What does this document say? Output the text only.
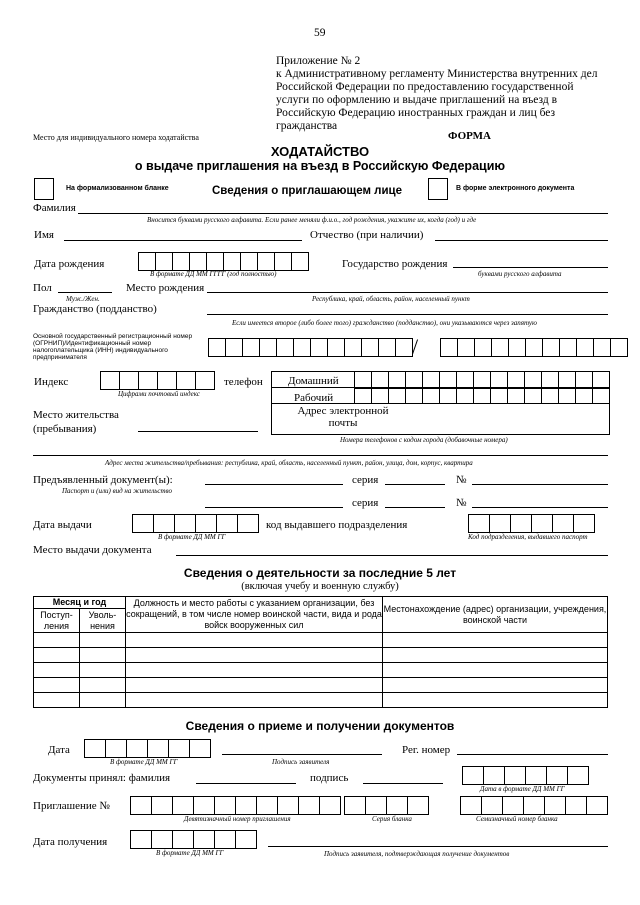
59
Приложение № 2
к Административному регламенту Министерства внутренних дел
Российской Федерации по предоставлению государственной
услуги по оформлению и выдаче приглашений на въезд в
Российскую Федерацию иностранных граждан и лиц без
гражданства
Место для индивидуального номера ходатайства	ФОРМА
ХОДАТАЙСТВО
о выдаче приглашения на въезд в Российскую Федерацию
На формализованном бланке	Сведения о приглашающем лице	В форме электронного документа
Фамилия
Вносится буквами русского алфавита. Если ранее меняли ф.и.о., год рождения, укажите их, когда (год) и где
Имя	Отчество (при наличии)
Дата рождения
В формате ДД ММ ГГГГ (год полностью)
Государство рождения
буквами русского алфавита
Пол
Муж./Жен.
Место рождения
Республика, край, область, район, населенный пункт
Гражданство (подданство)
Если имеется второе (либо более того) гражданство (подданство), они указываются через запятую
Основной государственный регистрационный номер (ОГРНИП)/Идентификационный номер налогоплательщика (ИНН) индивидуального предпринимателя	/
Индекс
Цифрами почтовый индекс
телефон Домашний
Рабочий
Адрес электронной почты
Номера телефонов с кодом города (добавочные номера)
Место жительства (пребывания)
Адрес места жительства/пребывания: республика, край, область, населенный пункт, район, улица, дом, корпус, квартира
Предъявленный документ(ы):	серия	№
Паспорт и (или) вид на жительство
серия	№
Дата выдачи
В формате ДД ММ ГГ
код выдавшего подразделения
Код подразделения, выдавшего паспорт
Место выдачи документа
Сведения о деятельности за последние 5 лет
(включая учебу и военную службу)
Месяц и год		Должность и место работы с указанием организации, без сокращений, в том числе номер воинской части, вида и рода войск вооруженных сил	Местонахождение (адрес) организации, учреждения, воинской части
Поступ-ления	Уволь-нения		

Сведения о приеме и получении документов
Дата
В формате ДД ММ ГГ	Подпись заявителя
Рег. номер
Документы принял: фамилия	подпись
Дата в формате ДД ММ ГГ
Приглашение №
Девятизначный номер приглашения	Серия бланка	Семизначный номер бланка
Дата получения
В формате ДД ММ ГГ	Подпись заявителя, подтверждающая получение документов
